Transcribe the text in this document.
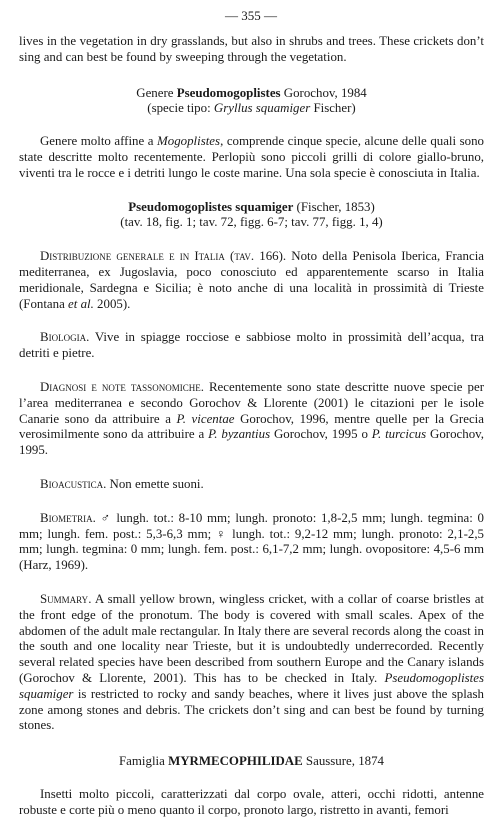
— 355 —

lives in the vegetation in dry grasslands, but also in shrubs and trees. These crickets don’t sing and can best be found by sweeping through the vegetation.

Genere Pseudomogoplistes Gorochov, 1984
(specie tipo: Gryllus squamiger Fischer)

Genere molto affine a Mogoplistes, comprende cinque specie, alcune delle quali sono state descritte molto recentemente. Perlopiù sono piccoli grilli di colore giallo-bruno, viventi tra le rocce e i detriti lungo le coste marine. Una sola specie è conosciuta in Italia.

Pseudomogoplistes squamiger (Fischer, 1853)
(tav. 18, fig. 1; tav. 72, figg. 6-7; tav. 77, figg. 1, 4)

Distribuzione generale e in Italia (tav. 166). Noto della Penisola Iberica, Francia mediterranea, ex Jugoslavia, poco conosciuto ed apparentemente scarso in Italia meridionale, Sardegna e Sicilia; è noto anche di una località in prossimità di Trieste (Fontana et al. 2005).

Biologia. Vive in spiagge rocciose e sabbiose molto in prossimità dell’acqua, tra detriti e pietre.

Diagnosi e note tassonomiche. Recentemente sono state descritte nuove specie per l’area mediterranea e secondo Gorochov & Llorente (2001) le citazioni per le isole Canarie sono da attribuire a P. vicentae Gorochov, 1996, mentre quelle per la Grecia verosimilmente sono da attribuire a P. byzantius Gorochov, 1995 o P. turcicus Gorochov, 1995.

Bioacustica. Non emette suoni.

Biometria. ♂ lungh. tot.: 8-10 mm; lungh. pronoto: 1,8-2,5 mm; lungh. tegmina: 0 mm; lungh. fem. post.: 5,3-6,3 mm; ♀ lungh. tot.: 9,2-12 mm; lungh. pronoto: 2,1-2,5 mm; lungh. tegmina: 0 mm; lungh. fem. post.: 6,1-7,2 mm; lungh. ovopositore: 4,5-6 mm (Harz, 1969).

Summary. A small yellow brown, wingless cricket, with a collar of coarse bristles at the front edge of the pronotum. The body is covered with small scales. Apex of the abdomen of the adult male rectangular. In Italy there are several records along the coast in the south and one locality near Trieste, but it is undoubtedly underrecorded. Recently several related species have been described from southern Europe and the Canary islands (Gorochov & Llorente, 2001). This has to be checked in Italy. Pseudomogoplistes squamiger is restricted to rocky and sandy beaches, where it lives just above the splash zone among stones and debris. The crickets don’t sing and can best be found by turning stones.

Famiglia MYRMECOPHILIDAE Saussure, 1874

Insetti molto piccoli, caratterizzati dal corpo ovale, atteri, occhi ridotti, antenne robuste e corte più o meno quanto il corpo, pronoto largo, ristretto in avanti, femori
